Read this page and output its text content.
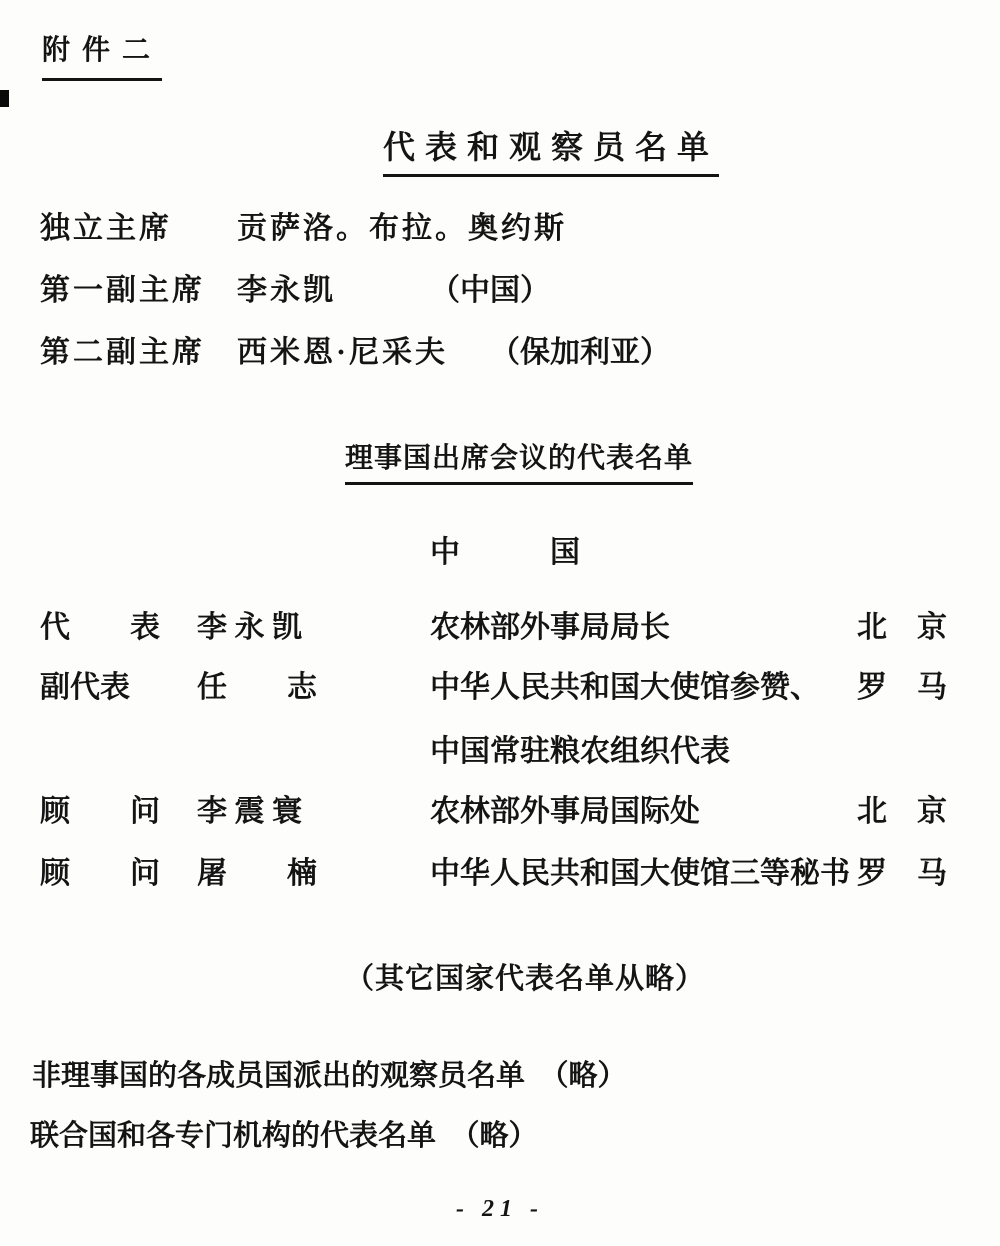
附件二
代表和观察员名单
独立主席 贡萨洛。布拉。奥约斯
第一副主席 李永凯	（中国）
第二副主席 西米恩·尼采夫 （保加利亚）
理事国出席会议的代表名单
中　　　国
代　　表 李 永 凯	农林部外事局局长	北　京
副代表 任　　志	中华人民共和国大使馆参赞、 罗　马
中国常驻粮农组织代表
顾　　问 李 震 寰	农林部外事局国际处	北　京
顾　　问 屠　　楠	中华人民共和国大使馆三等秘书 罗　马
（其它国家代表名单从略）
非理事国的各成员国派出的观察员名单　（略）
联合国和各专门机构的代表名单　（略）
- 21 -
